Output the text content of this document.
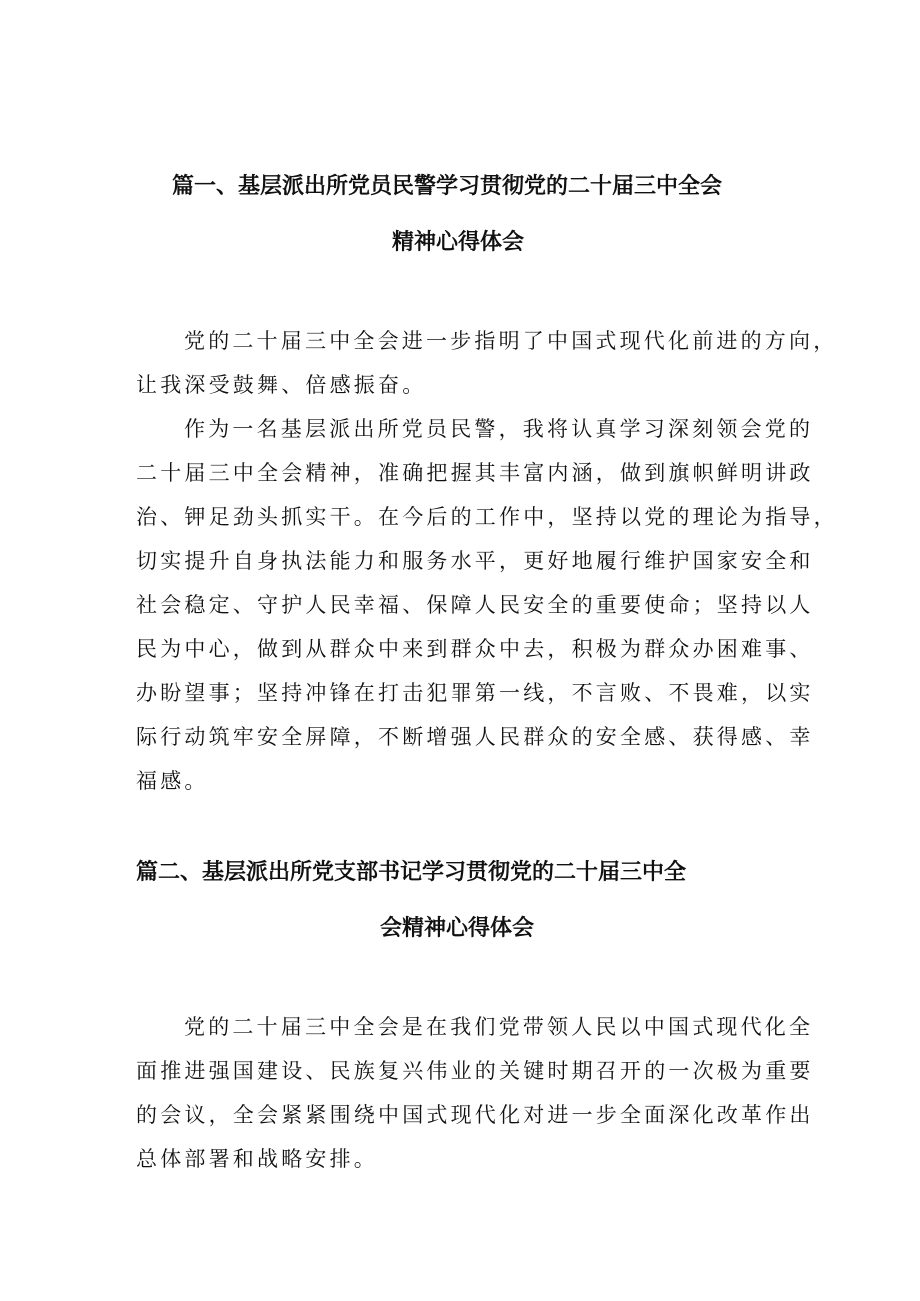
篇一、基层派出所党员民警学习贯彻党的二十届三中全会
精神心得体会
党的二十届三中全会进一步指明了中国式现代化前进的方向，
让我深受鼓舞、倍感振奋。
作为一名基层派出所党员民警，我将认真学习深刻领会党的
二十届三中全会精神，准确把握其丰富内涵，做到旗帜鲜明讲政
治、钾足劲头抓实干。在今后的工作中，坚持以党的理论为指导，
切实提升自身执法能力和服务水平，更好地履行维护国家安全和
社会稳定、守护人民幸福、保障人民安全的重要使命；坚持以人
民为中心，做到从群众中来到群众中去，积极为群众办困难事、
办盼望事；坚持冲锋在打击犯罪第一线，不言败、不畏难，以实
际行动筑牢安全屏障，不断增强人民群众的安全感、获得感、幸
福感。
篇二、基层派出所党支部书记学习贯彻党的二十届三中全
会精神心得体会
党的二十届三中全会是在我们党带领人民以中国式现代化全
面推进强国建设、民族复兴伟业的关键时期召开的一次极为重要
的会议，全会紧紧围绕中国式现代化对进一步全面深化改革作出
总体部署和战略安排。
